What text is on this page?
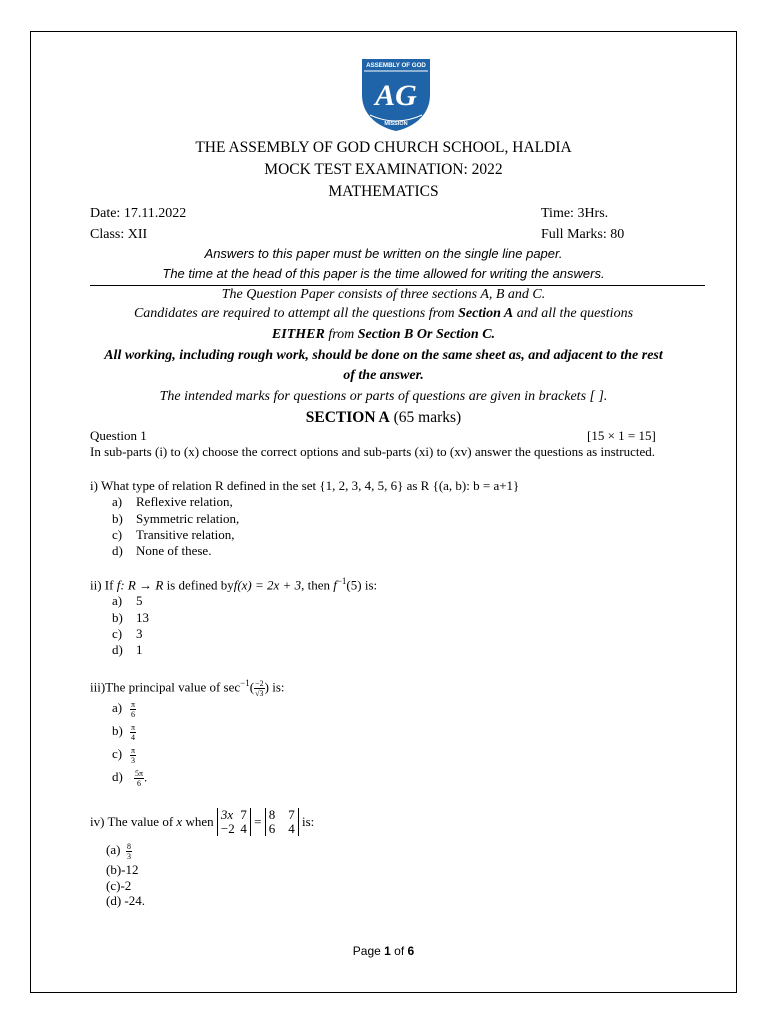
ASSEMBLY OF GOD
AG
MISSION
THE ASSEMBLY OF GOD CHURCH SCHOOL, HALDIA
MOCK TEST EXAMINATION: 2022
MATHEMATICS
Date: 17.11.2022	Time: 3Hrs.
Class: XII	Full Marks: 80
Answers to this paper must be written on the single line paper.
The time at the head of this paper is the time allowed for writing the answers.
The Question Paper consists of three sections A, B and C.
Candidates are required to attempt all the questions from Section A and all the questions
EITHER from Section B Or Section C.
All working, including rough work, should be done on the same sheet as, and adjacent to the rest
of the answer.
The intended marks for questions or parts of questions are given in brackets [ ].
SECTION A (65 marks)
Question 1	[15 × 1 = 15]
In sub-parts (i) to (x) choose the correct options and sub-parts (xi) to (xv) answer the questions as instructed.
i) What type of relation R defined in the set {1, 2, 3, 4, 5, 6} as R {(a, b): b = a+1}
a) Reflexive relation,
b) Symmetric relation,
c) Transitive relation,
d) None of these.
ii) If f: R → R is defined byf(x) = 2x + 3, then $f^{-1}(5)$ is:
a) 5
b) 13
c) 3
d) 1
iii)The principal value of $\sec^{-1}( \frac{-2}{√3}$ ) is:
$a) \frac{\pi}{6}$
$b) \frac{\pi}{4}$
$c) \frac{\pi}{3}$
$d) \frac{5\pi}{6}$ .
iv) The value of x when 3x 7
−2 4 = 8 7
6 4 is:
$(a) \frac{8}{3}$
(b)-12
(c)-2
(d) -24.
Page 1 of 6
